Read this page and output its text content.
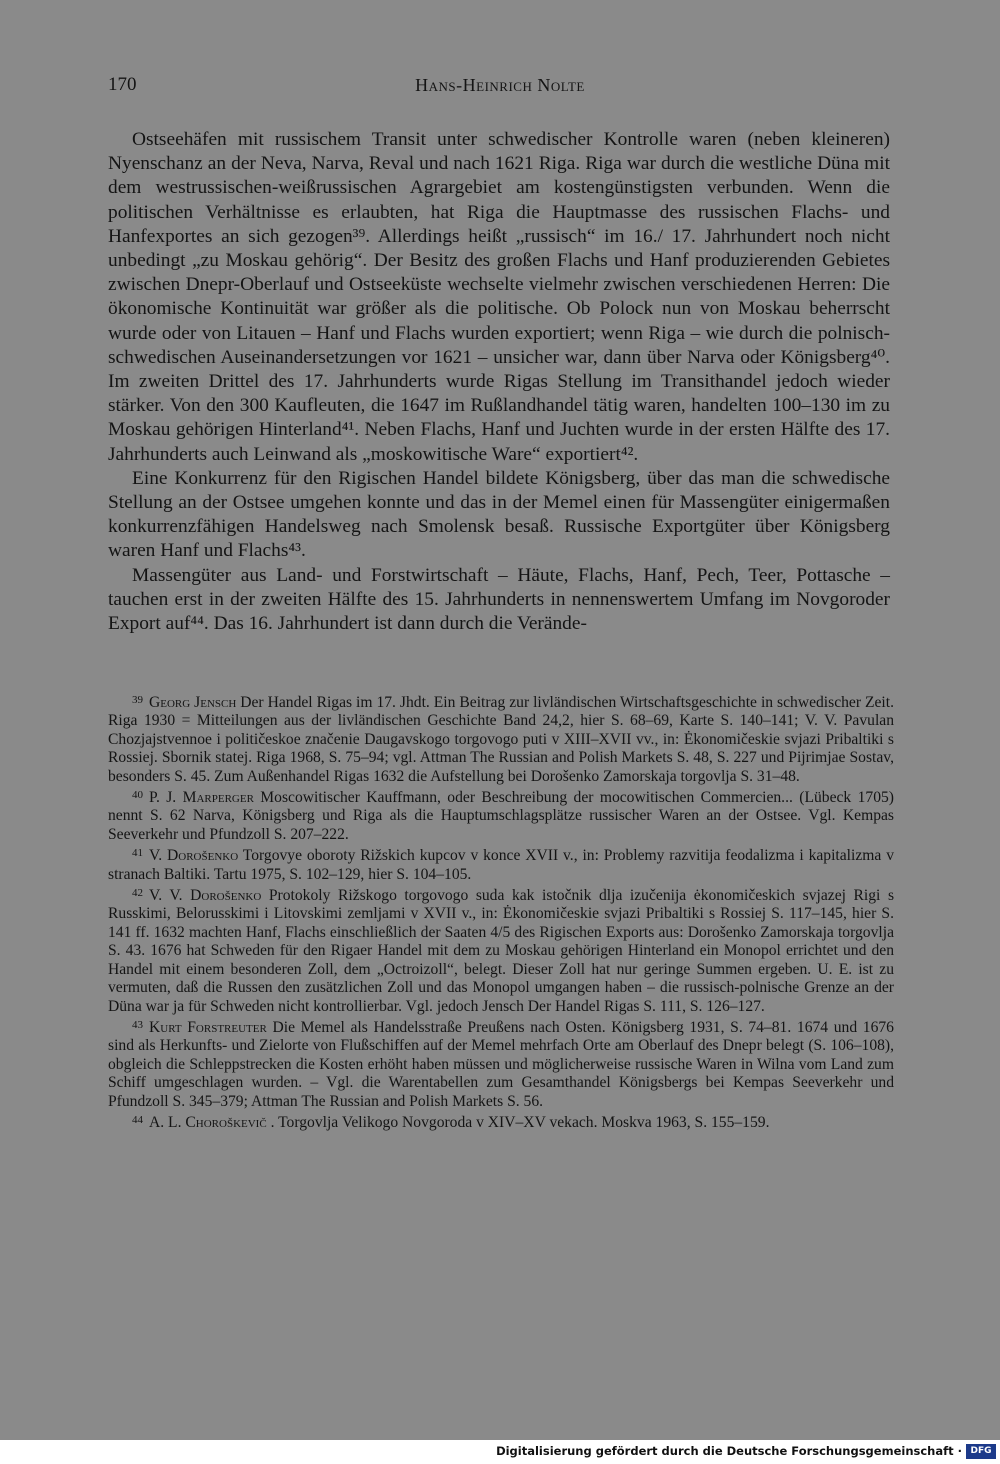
170	Hans-Heinrich Nolte

Ostseehäfen mit russischem Transit unter schwedischer Kontrolle waren (neben kleineren) Nyenschanz an der Neva, Narva, Reval und nach 1621 Riga. Riga war durch die westliche Düna mit dem westrussischen-weißrussischen Agrargebiet am kostengünstigsten verbunden. Wenn die politischen Verhältnisse es erlaubten, hat Riga die Hauptmasse des russischen Flachs- und Hanfexportes an sich gezogen³⁹. Allerdings heißt „russisch“ im 16./ 17. Jahrhundert noch nicht unbedingt „zu Moskau gehörig“. Der Besitz des großen Flachs und Hanf produzierenden Gebietes zwischen Dnepr-Oberlauf und Ostseeküste wechselte vielmehr zwischen verschiedenen Herren: Die ökonomische Kontinuität war größer als die politische. Ob Polock nun von Moskau beherrscht wurde oder von Litauen – Hanf und Flachs wurden exportiert; wenn Riga – wie durch die polnisch-schwedischen Auseinandersetzungen vor 1621 – unsicher war, dann über Narva oder Königsberg⁴⁰. Im zweiten Drittel des 17. Jahrhunderts wurde Rigas Stellung im Transithandel jedoch wieder stärker. Von den 300 Kaufleuten, die 1647 im Rußlandhandel tätig waren, handelten 100–130 im zu Moskau gehörigen Hinterland⁴¹. Neben Flachs, Hanf und Juchten wurde in der ersten Hälfte des 17. Jahrhunderts auch Leinwand als „moskowitische Ware“ exportiert⁴².

Eine Konkurrenz für den Rigischen Handel bildete Königsberg, über das man die schwedische Stellung an der Ostsee umgehen konnte und das in der Memel einen für Massengüter einigermaßen konkurrenzfähigen Handelsweg nach Smolensk besaß. Russische Exportgüter über Königsberg waren Hanf und Flachs⁴³.

Massengüter aus Land- und Forstwirtschaft – Häute, Flachs, Hanf, Pech, Teer, Pottasche – tauchen erst in der zweiten Hälfte des 15. Jahrhunderts in nennenswertem Umfang im Novgoroder Export auf⁴⁴. Das 16. Jahrhundert ist dann durch die Verände-

$^{39}$ Georg Jensch Der Handel Rigas im 17. Jhdt. Ein Beitrag zur livländischen Wirtschaftsgeschichte in schwedischer Zeit. Riga 1930 = Mitteilungen aus der livländischen Geschichte Band 24,2, hier S. 68–69, Karte S. 140–141; V. V. Pavulan Chozjajstvennoe i političeskoe značenie Daugavskogo torgovogo puti v XIII–XVII vv., in: Ėkonomičeskie svjazi Pribaltiki s Rossiej. Sbornik statej. Riga 1968, S. 75–94; vgl. Attman The Russian and Polish Markets S. 48, S. 227 und Pijrimjae Sostav, besonders S. 45. Zum Außenhandel Rigas 1632 die Aufstellung bei Dorošenko Zamorskaja torgovlja S. 31–48.

$^{40}$ P. J. Marperger Moscowitischer Kauffmann, oder Beschreibung der mocowitischen Commercien... (Lübeck 1705) nennt S. 62 Narva, Königsberg und Riga als die Hauptumschlagsplätze russischer Waren an der Ostsee. Vgl. Kempas Seeverkehr und Pfundzoll S. 207–222.

$^{41}$ V. Dorošenko Torgovye oboroty Rižskich kupcov v konce XVII v., in: Problemy razvitija feodalizma i kapitalizma v stranach Baltiki. Tartu 1975, S. 102–129, hier S. 104–105.

$^{42}$ V. V. Dorošenko Protokoly Rižskogo torgovogo suda kak istočnik dlja izučenija ėkonomičeskich svjazej Rigi s Russkimi, Belorusskimi i Litovskimi zemljami v XVII v., in: Ėkonomičeskie svjazi Pribaltiki s Rossiej S. 117–145, hier S. 141 ff. 1632 machten Hanf, Flachs einschließlich der Saaten 4/5 des Rigischen Exports aus: Dorošenko Zamorskaja torgovlja S. 43. 1676 hat Schweden für den Rigaer Handel mit dem zu Moskau gehörigen Hinterland ein Monopol errichtet und den Handel mit einem besonderen Zoll, dem „Octroizoll“, belegt. Dieser Zoll hat nur geringe Summen ergeben. U. E. ist zu vermuten, daß die Russen den zusätzlichen Zoll und das Monopol umgangen haben – die russisch-polnische Grenze an der Düna war ja für Schweden nicht kontrollierbar. Vgl. jedoch Jensch Der Handel Rigas S. 111, S. 126–127.

$^{43}$ Kurt Forstreuter Die Memel als Handelsstraße Preußens nach Osten. Königsberg 1931, S. 74–81. 1674 und 1676 sind als Herkunfts- und Zielorte von Flußschiffen auf der Memel mehrfach Orte am Oberlauf des Dnepr belegt (S. 106–108), obgleich die Schleppstrecken die Kosten erhöht haben müssen und möglicherweise russische Waren in Wilna vom Land zum Schiff umgeschlagen wurden. – Vgl. die Warentabellen zum Gesamthandel Königsbergs bei Kempas Seeverkehr und Pfundzoll S. 345–379; Attman The Russian and Polish Markets S. 56.

$^{44}$ A. L. Choroškevič . Torgovlja Velikogo Novgoroda v XIV–XV vekach. Moskva 1963, S. 155–159.

Digitalisierung gefördert durch die Deutsche Forschungsgemeinschaft · DFG
